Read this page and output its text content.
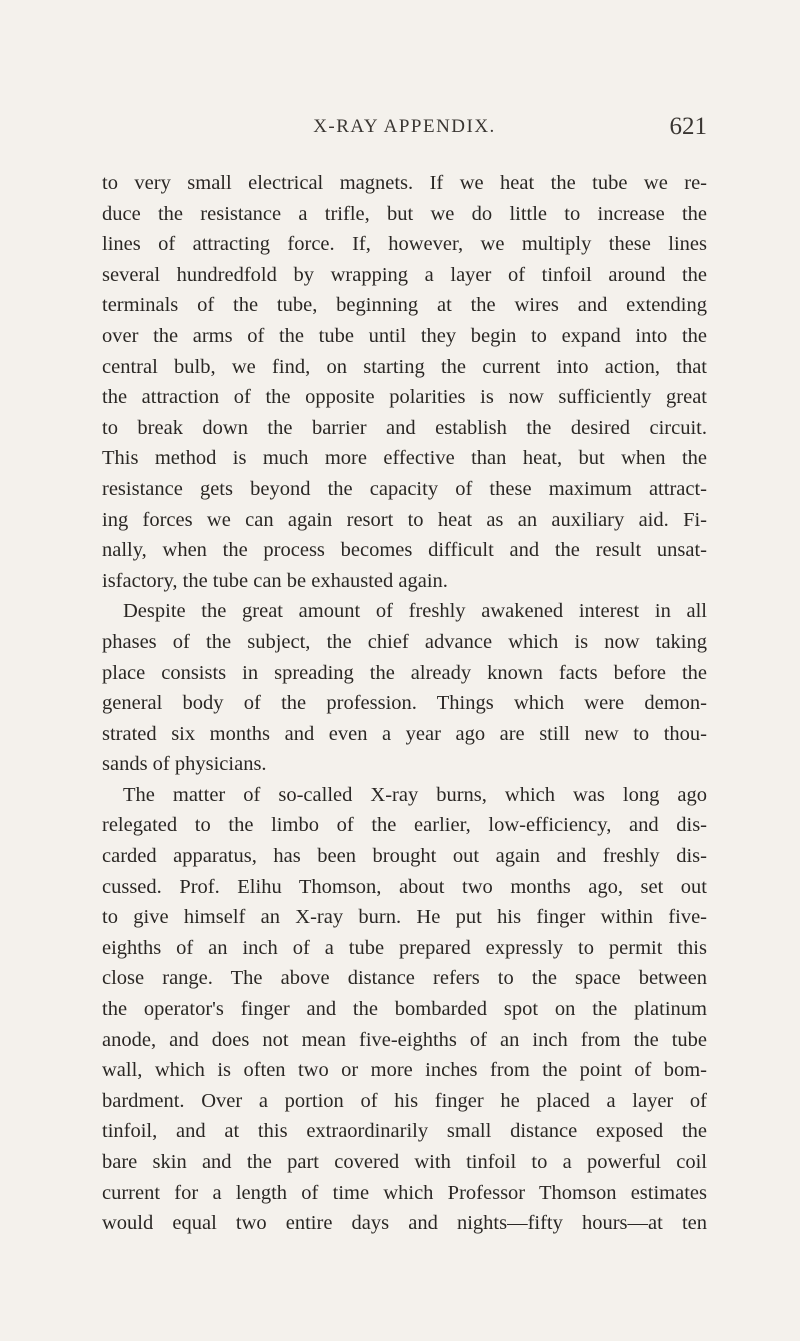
X-RAY APPENDIX.	621
to very small electrical magnets. If we heat the tube we re-
duce the resistance a trifle, but we do little to increase the
lines of attracting force. If, however, we multiply these lines
several hundredfold by wrapping a layer of tinfoil around the
terminals of the tube, beginning at the wires and extending
over the arms of the tube until they begin to expand into the
central bulb, we find, on starting the current into action, that
the attraction of the opposite polarities is now sufficiently great
to break down the barrier and establish the desired circuit.
This method is much more effective than heat, but when the
resistance gets beyond the capacity of these maximum attract-
ing forces we can again resort to heat as an auxiliary aid. Fi-
nally, when the process becomes difficult and the result unsat-
isfactory, the tube can be exhausted again.
Despite the great amount of freshly awakened interest in all
phases of the subject, the chief advance which is now taking
place consists in spreading the already known facts before the
general body of the profession. Things which were demon-
strated six months and even a year ago are still new to thou-
sands of physicians.
The matter of so-called X-ray burns, which was long ago
relegated to the limbo of the earlier, low-efficiency, and dis-
carded apparatus, has been brought out again and freshly dis-
cussed. Prof. Elihu Thomson, about two months ago, set out
to give himself an X-ray burn. He put his finger within five-
eighths of an inch of a tube prepared expressly to permit this
close range. The above distance refers to the space between
the operator's finger and the bombarded spot on the platinum
anode, and does not mean five-eighths of an inch from the tube
wall, which is often two or more inches from the point of bom-
bardment. Over a portion of his finger he placed a layer of
tinfoil, and at this extraordinarily small distance exposed the
bare skin and the part covered with tinfoil to a powerful coil
current for a length of time which Professor Thomson estimates
would equal two entire days and nights—fifty hours—at ten
